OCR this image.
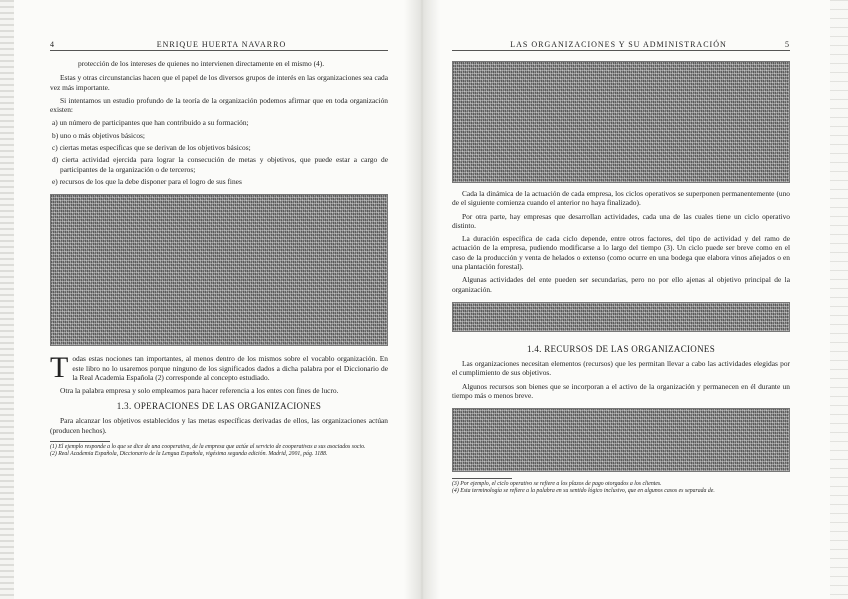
4	ENRIQUE HUERTA NAVARRO

protección de los intereses de quienes no intervienen directamente en el mismo (4).

Estas y otras circunstancias hacen que el papel de los diversos grupos de interés en las organizaciones sea cada vez más importante.

Si intentamos un estudio profundo de la teoría de la organización podemos afirmar que en toda organización existen:

a) un número de participantes que han contribuido a su formación;

b) uno o más objetivos básicos;

c) ciertas metas específicas que se derivan de los objetivos básicos;

d) cierta actividad ejercida para lograr la consecución de metas y objetivos, que puede estar a cargo de participantes de la organización o de terceros;

e) recursos de los que la debe disponer para el logro de sus fines

T odas estas nociones tan importantes, al menos dentro de los mismos sobre el vocablo organización. En este libro no lo usaremos porque ninguno de los significados dados a dicha palabra por el Diccionario de la Real Academia Española (2) corresponde al concepto estudiado.

Otra la palabra empresa y solo empleamos para hacer referencia a los entes con fines de lucro.

1.3. OPERACIONES DE LAS ORGANIZACIONES

Para alcanzar los objetivos establecidos y las metas específicas derivadas de ellos, las organizaciones actúan (producen hechos).

(1) El ejemplo responde a lo que se dice de una cooperativa, de la empresa que actúe al servicio de cooperativas a sus asociados socio.

(2) Real Academia Española, Diccionario de la Lengua Española, vigésima segunda edición. Madrid, 2001, pág. 1188.

LAS ORGANIZACIONES Y SU ADMINISTRACIÓN	5

Cada la dinámica de la actuación de cada empresa, los ciclos operativos se superponen permanentemente (uno de el siguiente comienza cuando el anterior no haya finalizado).

Por otra parte, hay empresas que desarrollan actividades, cada una de las cuales tiene un ciclo operativo distinto.

La duración específica de cada ciclo depende, entre otros factores, del tipo de actividad y del ramo de actuación de la empresa, pudiendo modificarse a lo largo del tiempo (3). Un ciclo puede ser breve como en el caso de la producción y venta de helados o extenso (como ocurre en una bodega que elabora vinos añejados o en una plantación forestal).

Algunas actividades del ente pueden ser secundarias, pero no por ello ajenas al objetivo principal de la organización.

1.4. RECURSOS DE LAS ORGANIZACIONES

Las organizaciones necesitan elementos (recursos) que les permitan llevar a cabo las actividades elegidas por el cumplimiento de sus objetivos.

Algunos recursos son bienes que se incorporan a el activo de la organización y permanecen en él durante un tiempo más o menos breve.

(3) Por ejemplo, el ciclo operativo se refiere a los plazos de pago otorgados a los clientes.

(4) Esta terminología se refiere a la palabra en su sentido lógico inclusivo, que en algunos casos es separada de.
